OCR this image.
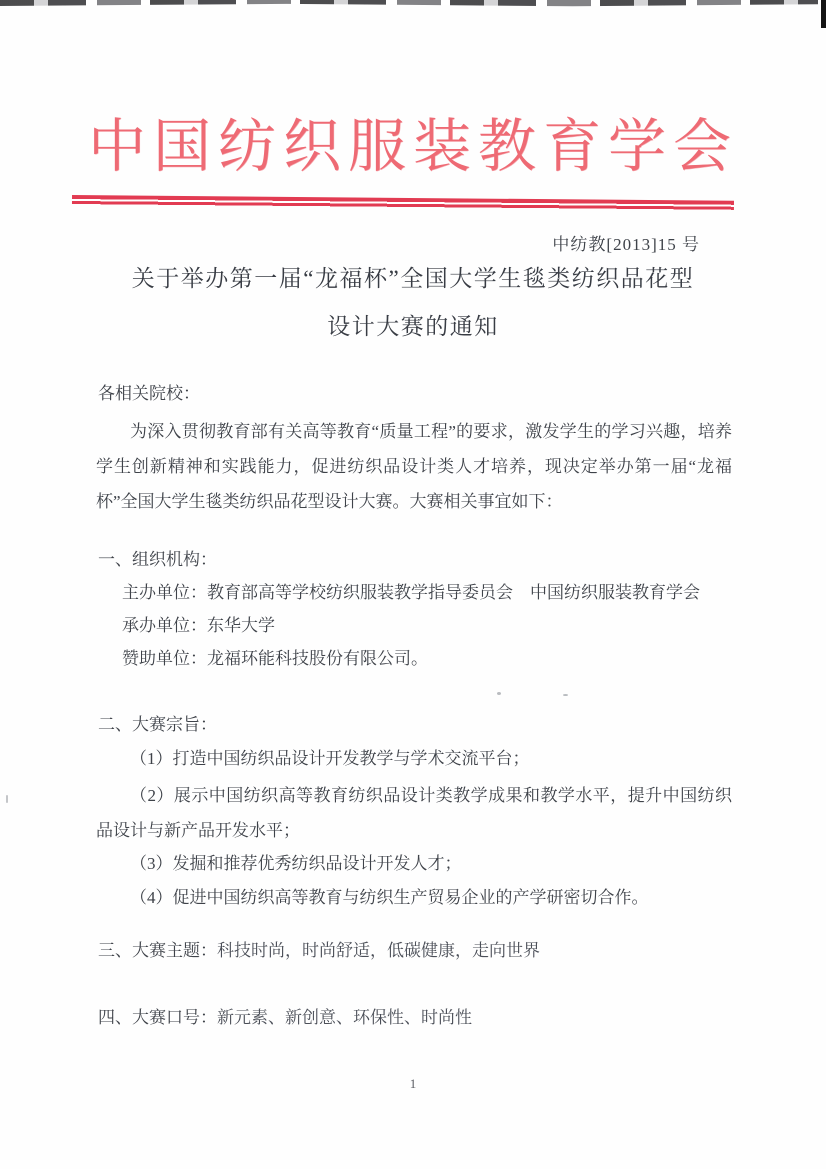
中国纺织服装教育学会
中纺教[2013]15 号
关于举办第一届“龙福杯”全国大学生毯类纺织品花型
设计大赛的通知
各相关院校：
为深入贯彻教育部有关高等教育“质量工程”的要求，激发学生的学习兴趣，培养学生创新精神和实践能力，促进纺织品设计类人才培养，现决定举办第一届“龙福杯”全国大学生毯类纺织品花型设计大赛。大赛相关事宜如下：
一、组织机构：
主办单位：教育部高等学校纺织服装教学指导委员会　中国纺织服装教育学会
承办单位：东华大学
赞助单位：龙福环能科技股份有限公司。
二、大赛宗旨：
（1）打造中国纺织品设计开发教学与学术交流平台；
（2）展示中国纺织高等教育纺织品设计类教学成果和教学水平，提升中国纺织品设计与新产品开发水平；
（3）发掘和推荐优秀纺织品设计开发人才；
（4）促进中国纺织高等教育与纺织生产贸易企业的产学研密切合作。
三、大赛主题：科技时尚，时尚舒适，低碳健康，走向世界
四、大赛口号：新元素、新创意、环保性、时尚性
1
